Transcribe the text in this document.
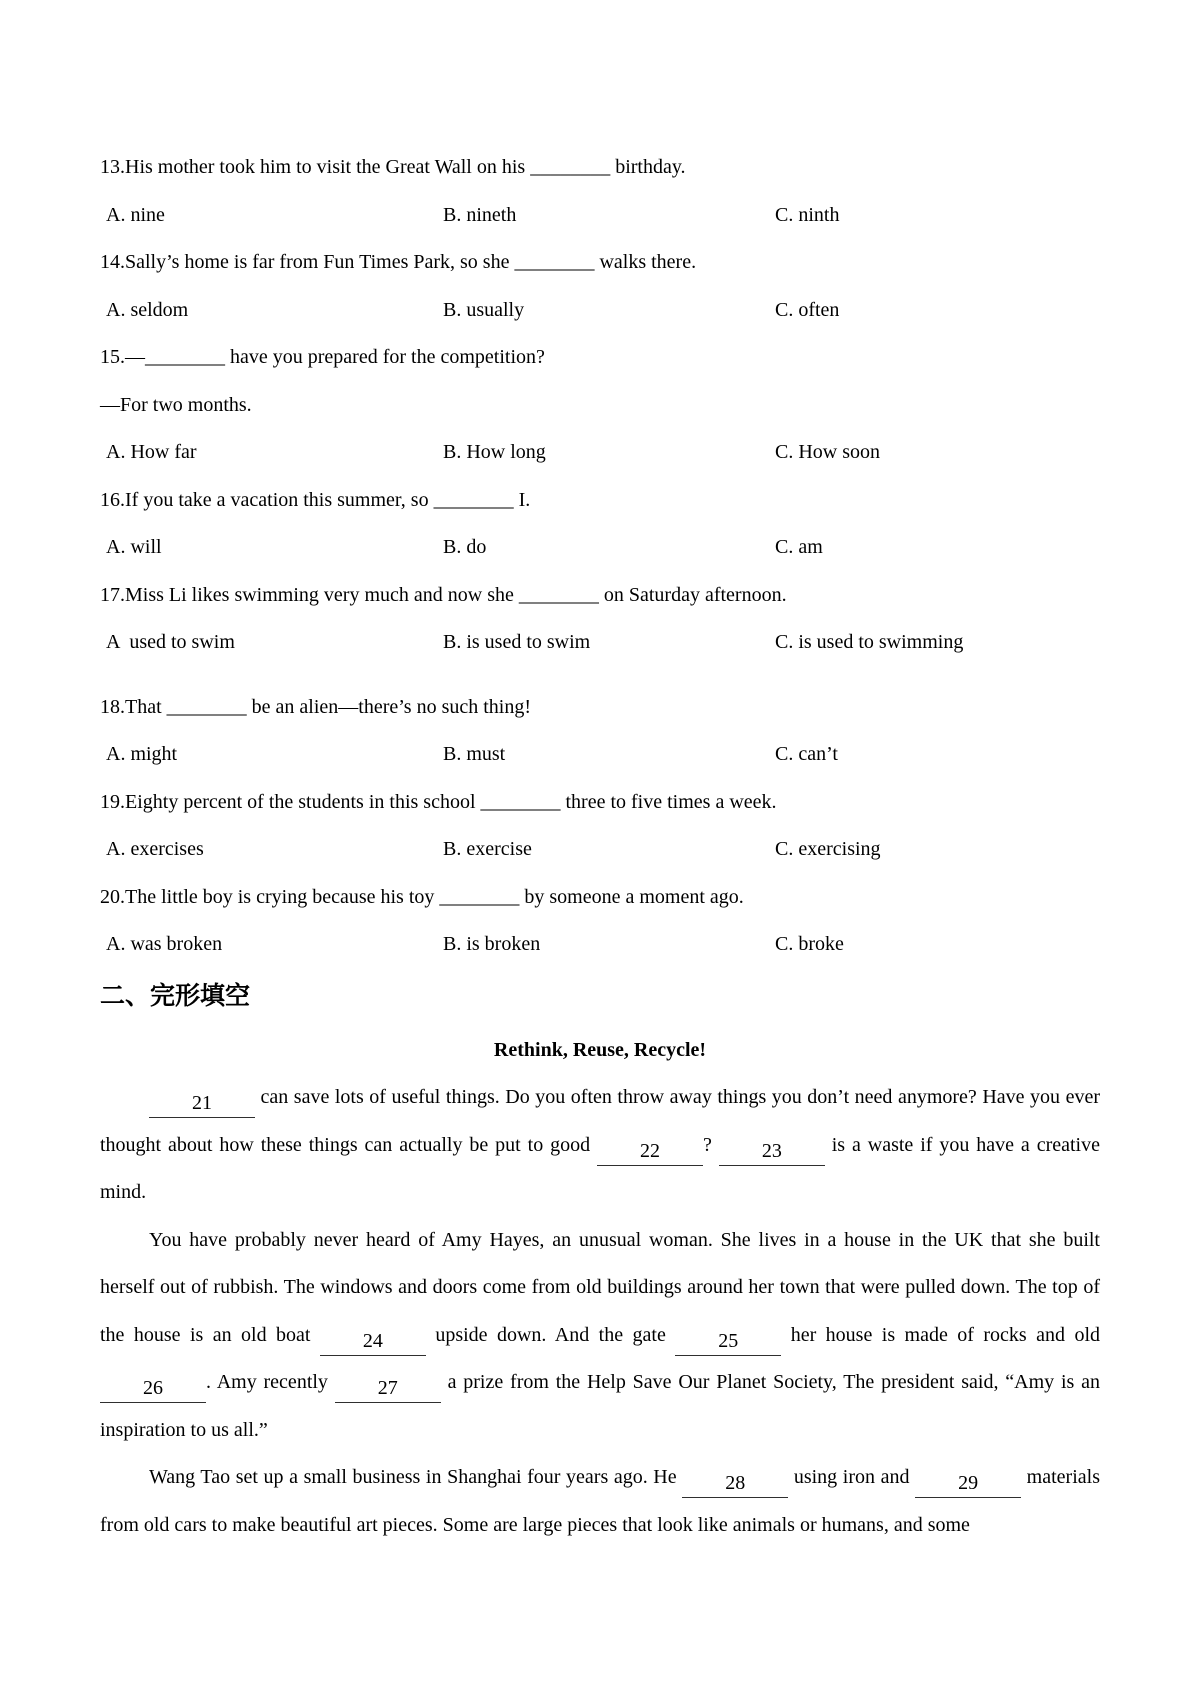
13.His mother took him to visit the Great Wall on his ________ birthday.
A. nine	B. nineth	C. ninth
14.Sally’s home is far from Fun Times Park, so she ________ walks there.
A. seldom	B. usually	C. often
15.—________ have you prepared for the competition?
—For two months.
A. How far	B. How long	C. How soon
16.If you take a vacation this summer, so ________ I.
A. will	B. do	C. am
17.Miss Li likes swimming very much and now she ________ on Saturday afternoon.
A  used to swim	B. is used to swim	C. is used to swimming
18.That ________ be an alien—there’s no such thing!
A. might	B. must	C. can’t
19.Eighty percent of the students in this school ________ three to five times a week.
A. exercises	B. exercise	C. exercising
20.The little boy is crying because his toy ________ by someone a moment ago.
A. was broken	B. is broken	C. broke
二、完形填空
Rethink, Reuse, Recycle!

21 can save lots of useful things. Do you often throw away things you don’t need anymore? Have you ever thought about how these things can actually be put to good 22 ? 23 is a waste if you have a creative mind.

You have probably never heard of Amy Hayes, an unusual woman. She lives in a house in the UK that she built herself out of rubbish. The windows and doors come from old buildings around her town that were pulled down. The top of the house is an old boat 24 upside down. And the gate 25 her house is made of rocks and old 26 . Amy recently 27 a prize from the Help Save Our Planet Society, The president said, “Amy is an inspiration to us all.”

Wang Tao set up a small business in Shanghai four years ago. He 28 using iron and 29 materials from old cars to make beautiful art pieces. Some are large pieces that look like animals or humans, and some
